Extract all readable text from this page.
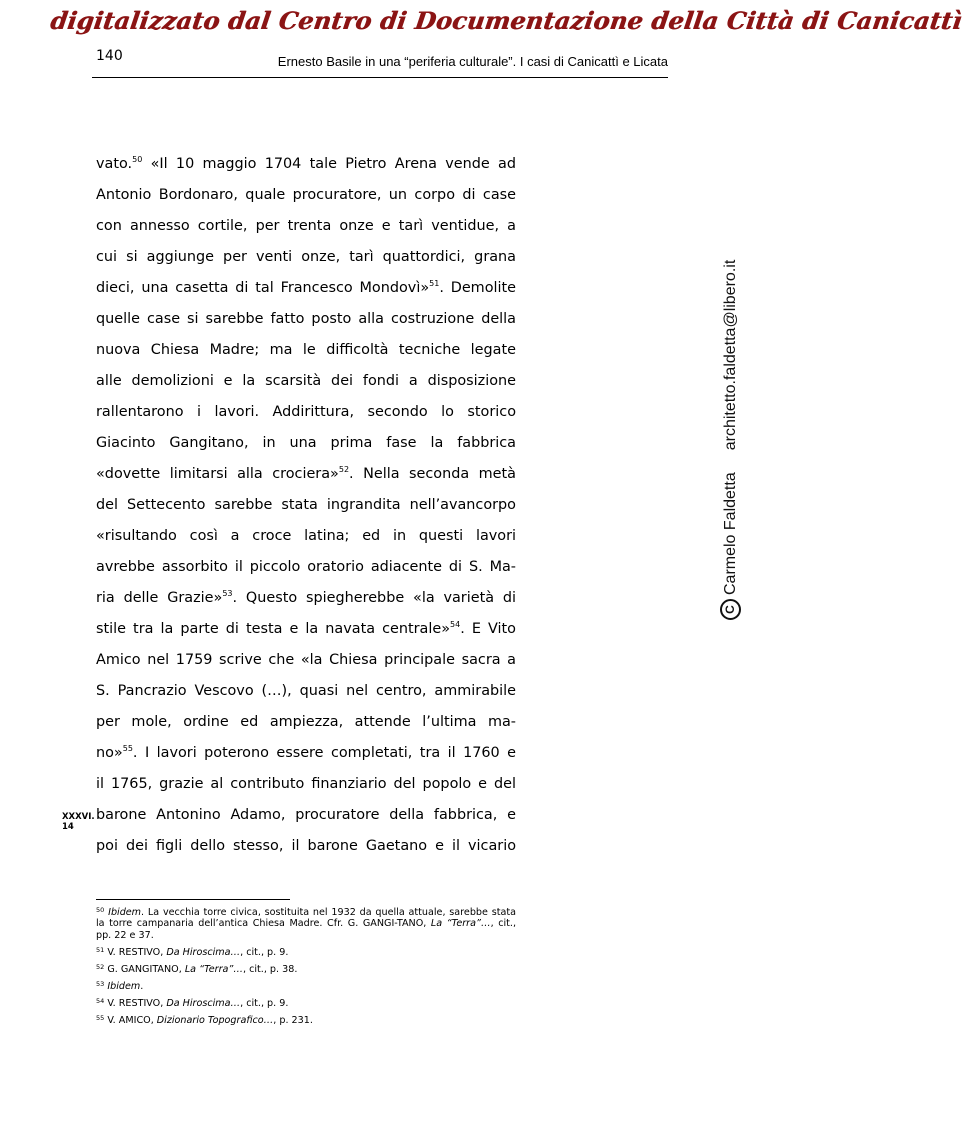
digitalizzato dal Centro di Documentazione della Città di Canicattì
140	Ernesto Basile in una “periferia culturale”. I casi di Canicattì e Licata
vato.$^{50}$ «Il 10 maggio 1704 tale Pietro Arena vende ad
Antonio Bordonaro, quale procuratore, un corpo di case
con annesso cortile, per trenta onze e tarì ventidue, a
cui si aggiunge per venti onze, tarì quattordici, grana
dieci, una casetta di tal Francesco Mondovì»$^{51}$. Demolite
quelle case si sarebbe fatto posto alla costruzione della
nuova Chiesa Madre; ma le difficoltà tecniche legate
alle demolizioni e la scarsità dei fondi a disposizione
rallentarono i lavori. Addirittura, secondo lo storico
Giacinto Gangitano, in una prima fase la fabbrica
«dovette limitarsi alla crociera»$^{52}$. Nella seconda metà
del Settecento sarebbe stata ingrandita nell’avancorpo
«risultando così a croce latina; ed in questi lavori
avrebbe assorbito il piccolo oratorio adiacente di S. Ma-
ria delle Grazie»$^{53}$. Questo spiegherebbe «la varietà di
stile tra la parte di testa e la navata centrale»$^{54}$. E Vito
Amico nel 1759 scrive che «la Chiesa principale sacra a
S. Pancrazio Vescovo (…), quasi nel centro, ammirabile
per mole, ordine ed ampiezza, attende l’ultima ma-
no»$^{55}$. I lavori poterono essere completati, tra il 1760 e
il 1765, grazie al contributo finanziario del popolo e del
barone Antonino Adamo, procuratore della fabbrica, e
poi dei figli dello stesso, il barone Gaetano e il vicario
XXXVI.
14
$^{50}$ Ibidem. La vecchia torre civica, sostituita nel 1932 da quella attuale, sarebbe stata la torre campanaria dell’antica Chiesa Madre. Cfr. G. GANGI-TANO, La “Terra”…, cit., pp. 22 e 37.
$^{51}$ V. RESTIVO, Da Hiroscima…, cit., p. 9.
$^{52}$ G. GANGITANO, La “Terra”…, cit., p. 38.
$^{53}$ Ibidem.
$^{54}$ V. RESTIVO, Da Hiroscima…, cit., p. 9.
$^{55}$ V. AMICO, Dizionario Topografico…, p. 231.
C
Carmelo Faldetta
architetto.faldetta@libero.it
